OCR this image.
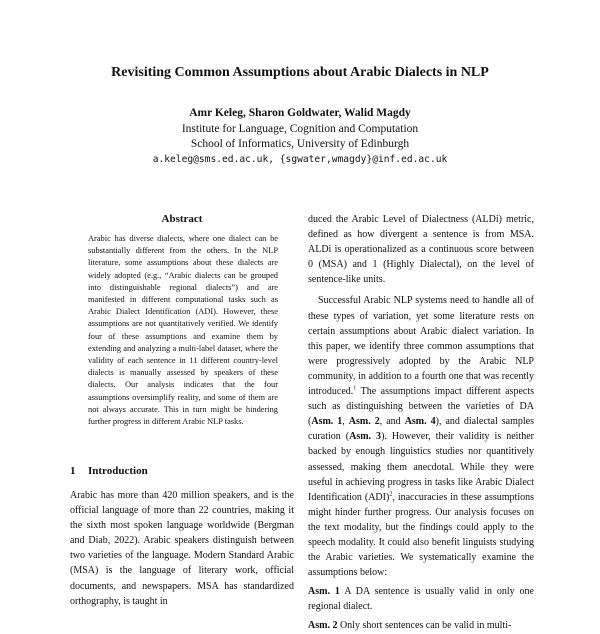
Revisiting Common Assumptions about Arabic Dialects in NLP
Amr Keleg, Sharon Goldwater, Walid Magdy
Institute for Language, Cognition and Computation
School of Informatics, University of Edinburgh
a.keleg@sms.ed.ac.uk, {sgwater,wmagdy}@inf.ed.ac.uk
Abstract
Arabic has diverse dialects, where one dialect can be substantially different from the others. In the NLP literature, some assumptions about these dialects are widely adopted (e.g., “Arabic dialects can be grouped into distinguishable regional dialects”) and are manifested in different computational tasks such as Arabic Dialect Identification (ADI). However, these assumptions are not quantitatively verified. We identify four of these assumptions and examine them by extending and analyzing a multi-label dataset, where the validity of each sentence in 11 different country-level dialects is manually assessed by speakers of these dialects. Our analysis indicates that the four assumptions oversimplify reality, and some of them are not always accurate. This in turn might be hindering further progress in different Arabic NLP tasks.
1 Introduction
Arabic has more than 420 million speakers, and is the official language of more than 22 countries, making it the sixth most spoken language worldwide (Bergman and Diab, 2022). Arabic speakers distinguish between two varieties of the language. Modern Standard Arabic (MSA) is the language of literary work, official documents, and newspapers. MSA has standardized orthography, is taught in

duced the Arabic Level of Dialectness (ALDi) metric, defined as how divergent a sentence is from MSA. ALDi is operationalized as a continuous score between 0 (MSA) and 1 (Highly Dialectal), on the level of sentence-like units.

Successful Arabic NLP systems need to handle all of these types of variation, yet some literature rests on certain assumptions about Arabic dialect variation. In this paper, we identify three common assumptions that were progressively adopted by the Arabic NLP community, in addition to a fourth one that was recently introduced.$^1$ The assumptions impact different aspects such as distinguishing between the varieties of DA (Asm. 1, Asm. 2, and Asm. 4), and dialectal samples curation (Asm. 3). However, their validity is neither backed by enough linguistics studies nor quantitively assessed, making them anecdotal. While they were useful in achieving progress in tasks like Arabic Dialect Identification (ADI)$^2$, inaccuracies in these assumptions might hinder further progress. Our analysis focuses on the text modality, but the findings could apply to the speech modality. It could also benefit linguists studying the Arabic varieties. We systematically examine the assumptions below:

Asm. 1 A DA sentence is usually valid in only one regional dialect.

Asm. 2 Only short sentences can be valid in multi-
